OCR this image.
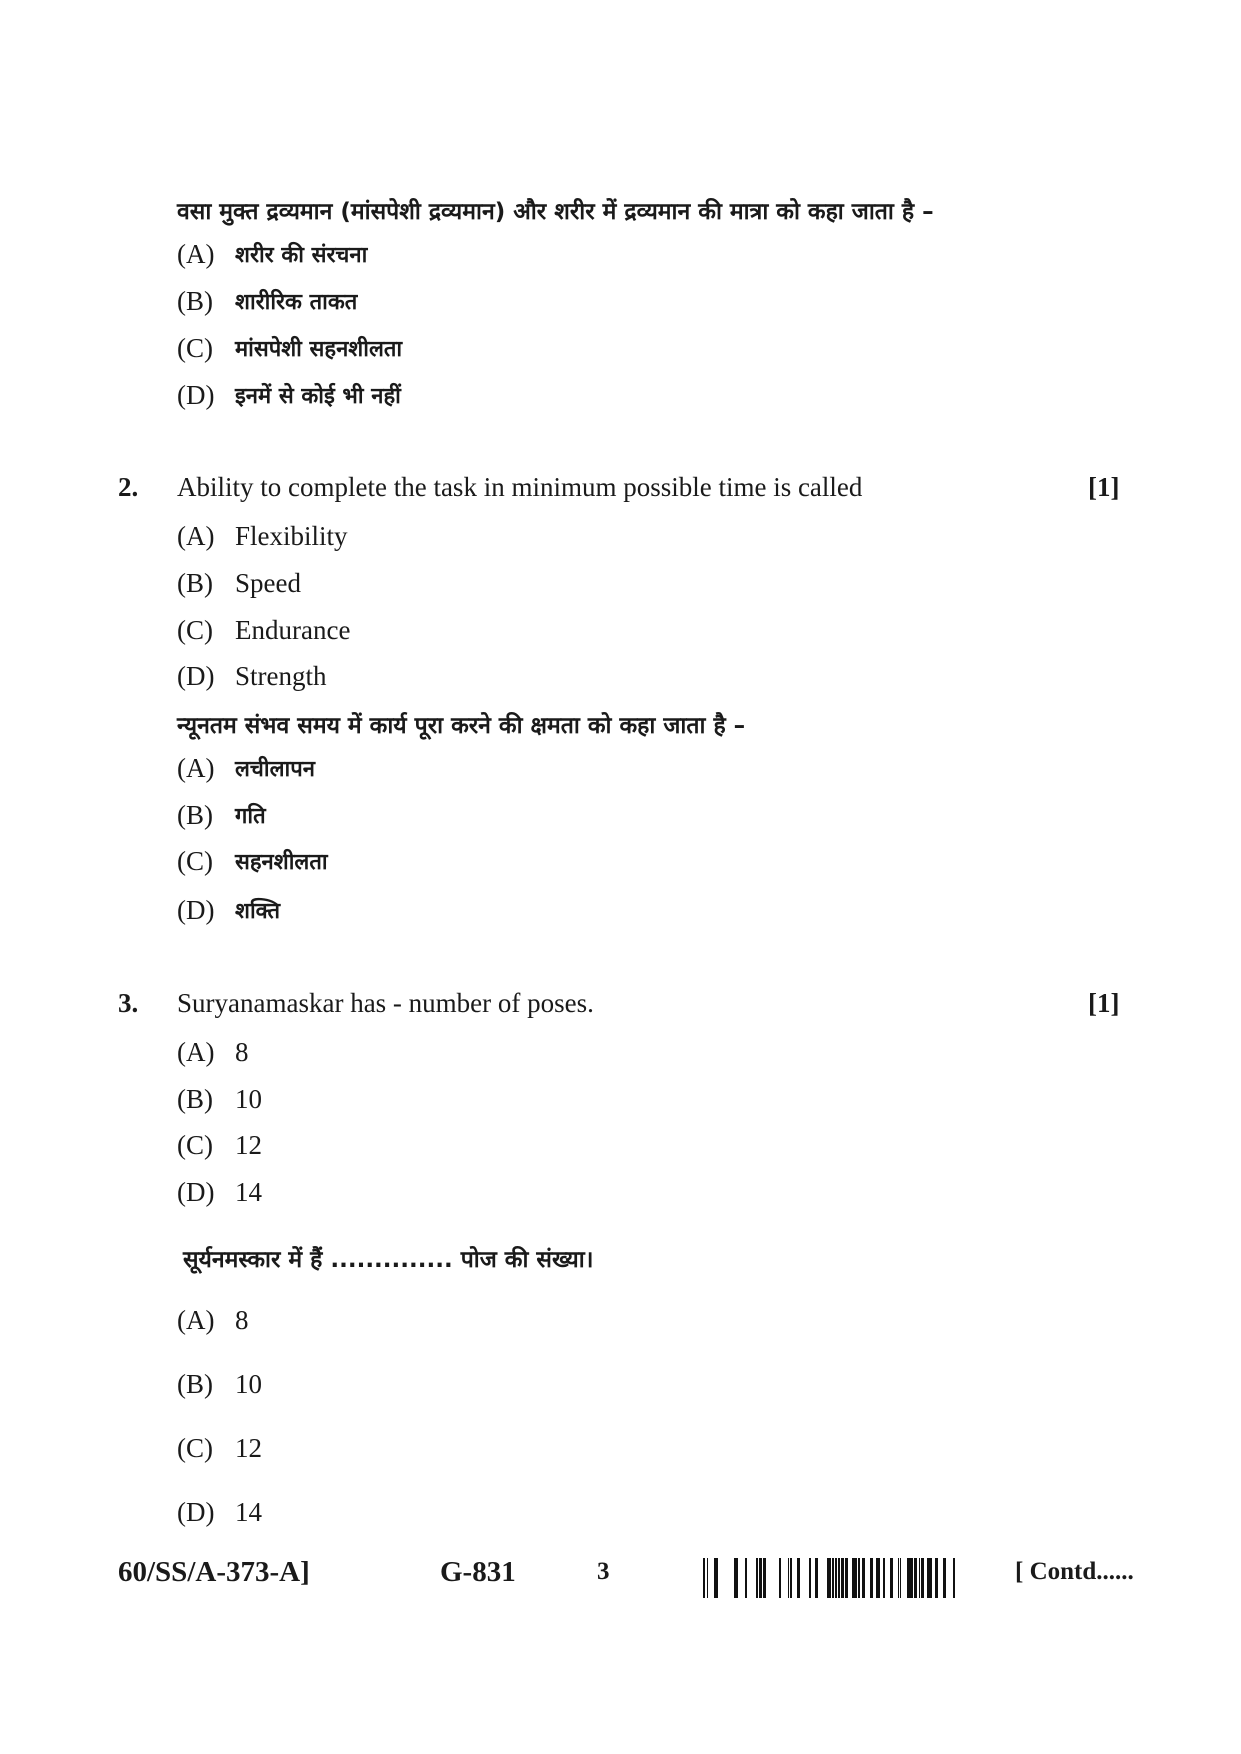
वसा मुक्त द्रव्यमान (मांसपेशी द्रव्यमान) और शरीर में द्रव्यमान की मात्रा को कहा जाता है –
(A) शरीर की संरचना
(B)	शारीरिक ताकत
(C)	मांसपेशी सहनशीलता
(D) इनमें से कोई भी नहीं
2. Ability to complete the task in minimum possible time is called	[1]
(A) Flexibility
(B) Speed
(C) Endurance
(D) Strength
न्यूनतम संभव समय में कार्य पूरा करने की क्षमता को कहा जाता है –
(A) लचीलापन
(B)	गति
(C)	सहनशीलता
(D) शक्ति
3. Suryanamaskar has - number of poses.	[1]
(A) 8
(B) 10
(C) 12
(D) 14
सूर्यनमस्कार में हैं .............. पोज की संख्या।
(A) 8
(B) 10
(C) 12
(D) 14
60/SS/A-373-A]	G-831	3	[ Contd......
